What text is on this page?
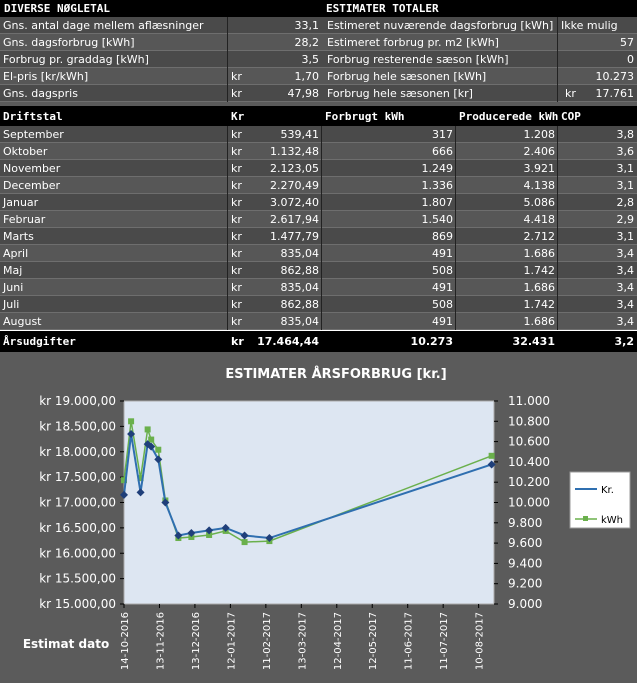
DIVERSE NØGLETAL
Gns. antal dage mellem aflæsninger	33,1
Gns. dagsforbrug [kWh]	28,2
Forbrug pr. graddag [kWh]	3,5
El-pris [kr/kWh]	kr	1,70
Gns. dagspris	kr	47,98
ESTIMATER TOTALER
Estimeret nuværende dagsforbrug [kWh] Ikke mulig
Estimeret forbrug pr. m2 [kWh]	57
Forbrug resterende sæson [kWh]	0
Forbrug hele sæsonen [kWh]	10.273
Forbrug hele sæsonen [kr]	kr	17.761
Driftstal	Kr	Forbrugt kWh	Producerede kWh COP
September	kr	539,41	317	1.208	3,8
Oktober	kr	1.132,48	666	2.406	3,6
November	kr	2.123,05	1.249	3.921	3,1
December	kr	2.270,49	1.336	4.138	3,1
Januar	kr	3.072,40	1.807	5.086	2,8
Februar	kr	2.617,94	1.540	4.418	2,9
Marts	kr	1.477,79	869	2.712	3,1
April	kr	835,04	491	1.686	3,4
Maj	kr	862,88	508	1.742	3,4
Juni	kr	835,04	491	1.686	3,4
Juli	kr	862,88	508	1.742	3,4
August	kr	835,04	491	1.686	3,4
Årsudgifter	kr	17.464,44	10.273	32.431	3,2
ESTIMATER ÅRSFORBRUG [kr.]
kr 15.000,00
kr 15.500,00
kr 16.000,00
kr 16.500,00
kr 17.000,00
kr 17.500,00
kr 18.000,00
kr 18.500,00
kr 19.000,00
9.000
9.200
9.400
9.600
9.800
10.000
10.200
10.400
10.600
10.800
11.000
14-10-2016 13-11-2016 13-12-2016 12-01-2017 11-02-2017 13-03-2017 12-04-2017 12-05-2017 11-06-2017 11-07-2017 10-08-2017
Estimat dato
Kr.
kWh
